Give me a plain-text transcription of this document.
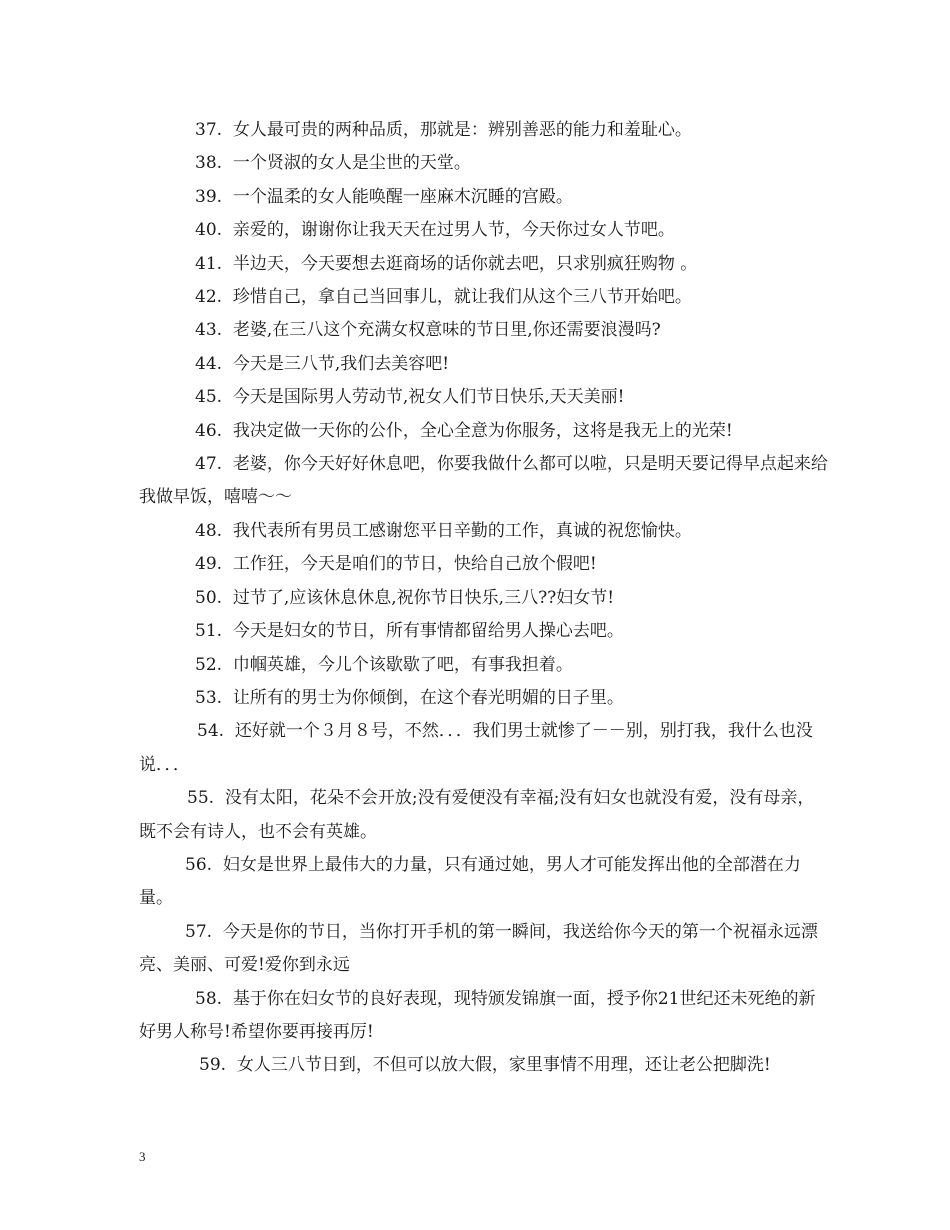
37. 女人最可贵的两种品质，那就是：辨别善恶的能力和羞耻心。
38. 一个贤淑的女人是尘世的天堂。
39. 一个温柔的女人能唤醒一座麻木沉睡的宫殿。
40. 亲爱的，谢谢你让我天天在过男人节，今天你过女人节吧。
41. 半边天，今天要想去逛商场的话你就去吧，只求别疯狂购物 。
42. 珍惜自己，拿自己当回事儿，就让我们从这个三八节开始吧。
43. 老婆,在三八这个充满女权意味的节日里,你还需要浪漫吗?
44. 今天是三八节,我们去美容吧!
45. 今天是国际男人劳动节,祝女人们节日快乐,天天美丽!
46. 我决定做一天你的公仆，全心全意为你服务，这将是我无上的光荣!
47. 老婆，你今天好好休息吧，你要我做什么都可以啦，只是明天要记得早点起来给我做早饭，嘻嘻～～
48. 我代表所有男员工感谢您平日辛勤的工作，真诚的祝您愉快。
49. 工作狂，今天是咱们的节日，快给自己放个假吧!
50. 过节了,应该休息休息,祝你节日快乐,三八??妇女节!
51. 今天是妇女的节日，所有事情都留给男人操心去吧。
52. 巾帼英雄，今儿个该歇歇了吧，有事我担着。
53. 让所有的男士为你倾倒，在这个春光明媚的日子里。
54. 还好就一个３月８号，不然．．．我们男士就惨了－－别，别打我，我什么也没说．．．
55. 没有太阳，花朵不会开放;没有爱便没有幸福;没有妇女也就没有爱，没有母亲，既不会有诗人，也不会有英雄。
56. 妇女是世界上最伟大的力量，只有通过她，男人才可能发挥出他的全部潜在力量。
57. 今天是你的节日，当你打开手机的第一瞬间，我送给你今天的第一个祝福永远漂亮、美丽、可爱!爱你到永远
58. 基于你在妇女节的良好表现，现特颁发锦旗一面，授予你21世纪还未死绝的新好男人称号!希望你要再接再厉!
59. 女人三八节日到，不但可以放大假，家里事情不用理，还让老公把脚洗!
3
